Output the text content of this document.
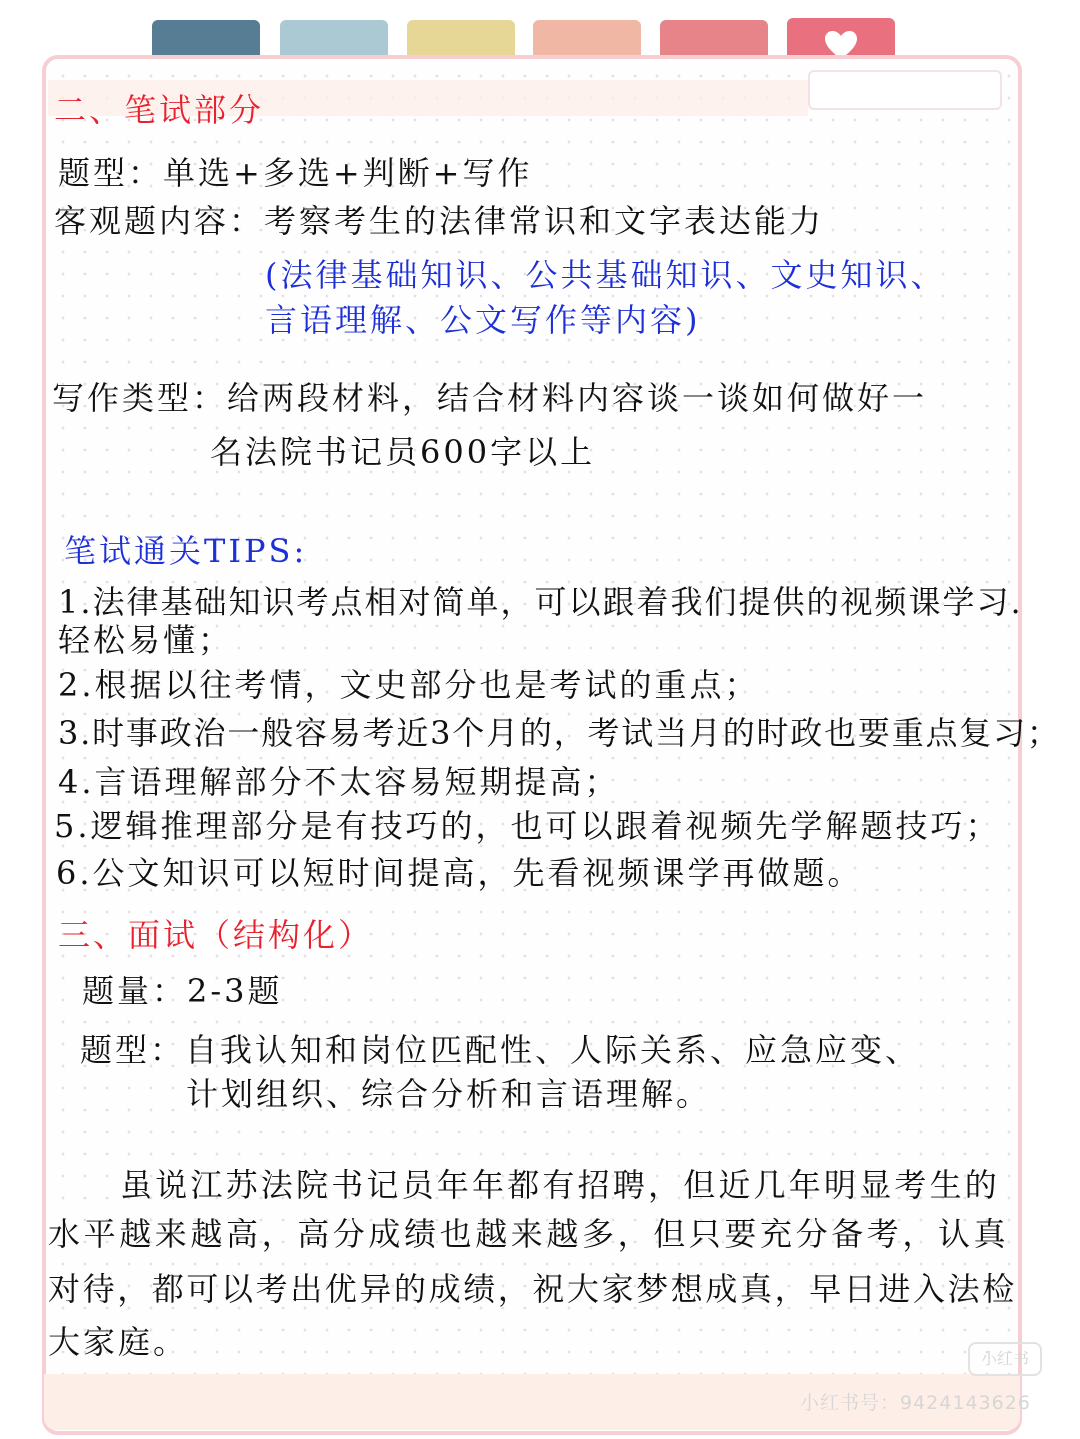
二、笔试部分
题型：单选+多选+判断+写作
客观题内容：考察考生的法律常识和文字表达能力
(法律基础知识、公共基础知识、文史知识、
言语理解、公文写作等内容)
写作类型：给两段材料，结合材料内容谈一谈如何做好一
名法院书记员600字以上
笔试通关TIPS:
1.法律基础知识考点相对简单，可以跟着我们提供的视频课学习.
轻松易懂；
2.根据以往考情，文史部分也是考试的重点；
3.时事政治一般容易考近3个月的，考试当月的时政也要重点复习；
4.言语理解部分不太容易短期提高；
5.逻辑推理部分是有技巧的，也可以跟着视频先学解题技巧；
6.公文知识可以短时间提高，先看视频课学再做题。
三、面试（结构化）
题量：2-3题
题型：自我认知和岗位匹配性、人际关系、应急应变、
计划组织、综合分析和言语理解。
虽说江苏法院书记员年年都有招聘，但近几年明显考生的
水平越来越高，高分成绩也越来越多，但只要充分备考，认真
对待，都可以考出优异的成绩，祝大家梦想成真，早日进入法检
大家庭。	小红书
小红书号：9424143626
